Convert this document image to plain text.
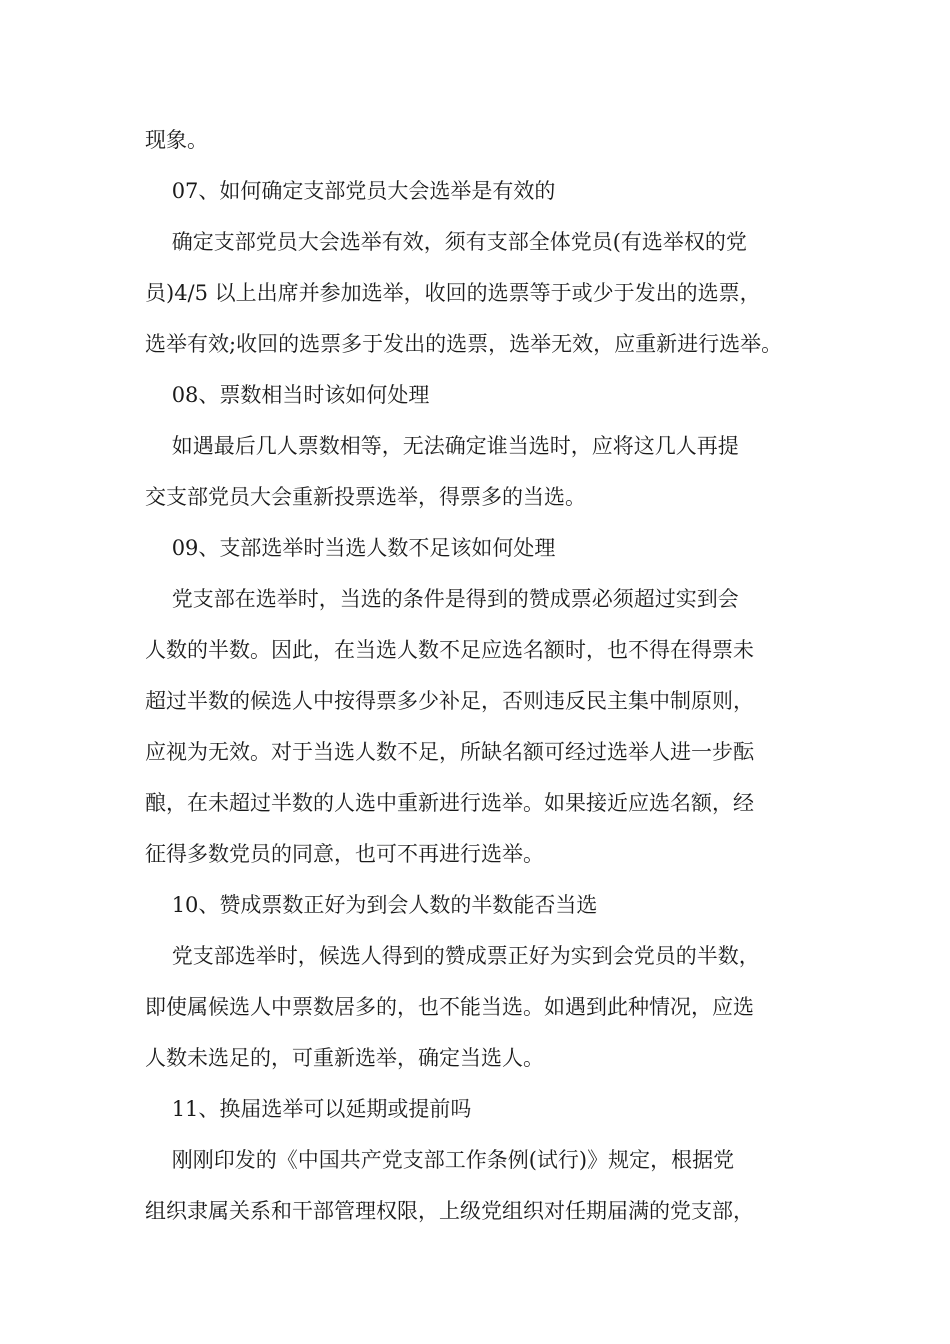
现象。
07、如何确定支部党员大会选举是有效的
确定支部党员大会选举有效，须有支部全体党员(有选举权的党
员)4/5 以上出席并参加选举，收回的选票等于或少于发出的选票，
选举有效;收回的选票多于发出的选票，选举无效，应重新进行选举。
08、票数相当时该如何处理
如遇最后几人票数相等，无法确定谁当选时，应将这几人再提
交支部党员大会重新投票选举，得票多的当选。
09、支部选举时当选人数不足该如何处理
党支部在选举时，当选的条件是得到的赞成票必须超过实到会
人数的半数。因此，在当选人数不足应选名额时，也不得在得票未
超过半数的候选人中按得票多少补足，否则违反民主集中制原则，
应视为无效。对于当选人数不足，所缺名额可经过选举人进一步酝
酿，在未超过半数的人选中重新进行选举。如果接近应选名额，经
征得多数党员的同意，也可不再进行选举。
10、赞成票数正好为到会人数的半数能否当选
党支部选举时，候选人得到的赞成票正好为实到会党员的半数，
即使属候选人中票数居多的，也不能当选。如遇到此种情况，应选
人数未选足的，可重新选举，确定当选人。
11、换届选举可以延期或提前吗
刚刚印发的《中国共产党支部工作条例(试行)》规定，根据党
组织隶属关系和干部管理权限，上级党组织对任期届满的党支部，
